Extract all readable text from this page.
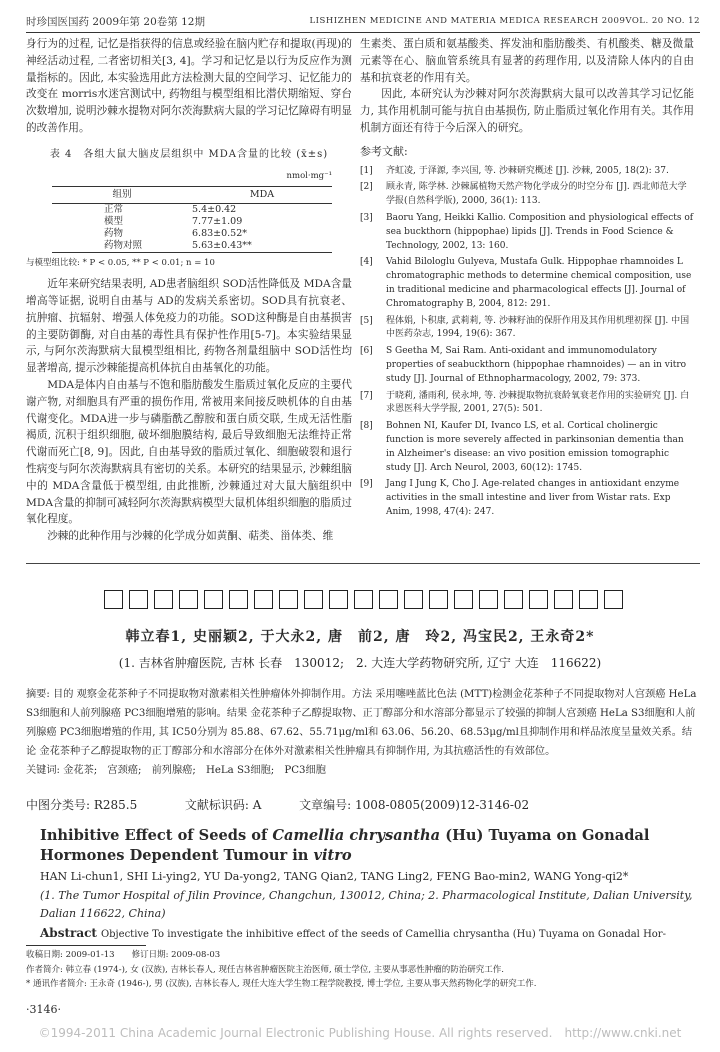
时珍国医国药 2009年第 20卷第 12期	LISHIZHEN MEDICINE AND MATERIA MEDICA RESEARCH 2009VOL. 20 NO. 12

身行为的过程, 记忆是指获得的信息或经验在脑内贮存和提取(再现)的神经活动过程, 二者密切相关[3, 4]。学习和记忆是以行为反应作为测量指标的。因此, 本实验选用此方法检测大鼠的空间学习、记忆能力的改变在 morris水迷宫测试中, 药物组与模型组相比潜伏期缩短、穿台次数增加, 说明沙棘水提物对阿尔茨海默病大鼠的学习记忆障碍有明显的改善作用。

表 4　各组大鼠大脑皮层组织中 MDA含量的比较 (x̄±s)
nmol·mg⁻¹
组别	MDA
正常	5.4±0.42
模型	7.77±1.09
药物	6.83±0.52*
药物对照	5.63±0.43**
与模型组比较: * P < 0.05, ** P < 0.01; n = 10

近年来研究结果表明, AD患者脑组织 SOD活性降低及 MDA含量增高等证据, 说明自由基与 AD的发病关系密切。SOD具有抗衰老、抗肿瘤、抗辐射、增强人体免疫力的功能。SOD这种酶是自由基损害的主要防御酶, 对自由基的毒性具有保护性作用[5-7]。本实验结果显示, 与阿尔茨海默病大鼠模型组相比, 药物各剂量组脑中 SOD活性均显著增高, 提示沙棘能提高机体抗自由基氧化的功能。

MDA是体内自由基与不饱和脂肪酸发生脂质过氧化反应的主要代谢产物, 对细胞具有严重的损伤作用, 常被用来间接反映机体的自由基代谢变化。MDA进一步与磷脂酰乙醇胺和蛋白质交联, 生成无活性脂褐质, 沉积于组织细胞, 破坏细胞膜结构, 最后导致细胞无法维持正常代谢而死亡[8, 9]。因此, 自由基导致的脂质过氧化、细胞破裂和退行性病变与阿尔茨海默病具有密切的关系。本研究的结果显示, 沙棘组脑中的 MDA含量低于模型组, 由此推断, 沙棘通过对大鼠大脑组织中 MDA含量的抑制可减轻阿尔茨海默病模型大鼠机体组织细胞的脂质过氧化程度。

沙棘的此种作用与沙棘的化学成分如黄酮、萜类、甾体类、维

生素类、蛋白质和氨基酸类、挥发油和脂肪酸类、有机酸类、糖及微量元素等在心、脑血管系统具有显著的药理作用, 以及清除人体内的自由基和抗衰老的作用有关。

因此, 本研究认为沙棘对阿尔茨海默病大鼠可以改善其学习记忆能力, 其作用机制可能与抗自由基损伤, 防止脂质过氧化作用有关。其作用机制方面还有待于今后深入的研究。

参考文献:
[1]	齐虹凌, 于泽源, 李兴国, 等. 沙棘研究概述 [J]. 沙棘, 2005, 18(2): 37.
[2]	顾永青, 陈学林. 沙棘属植物天然产物化学成分的时空分布 [J]. 西北师范大学学报(自然科学版), 2000, 36(1): 113.
[3]	Baoru Yang, Heikki Kallio. Composition and physiological effects of sea buckthorn (hippophae) lipids [J]. Trends in Food Science & Technology, 2002, 13: 160.
[4]	Vahid Bilologlu Gulyeva, Mustafa Gulk. Hippophae rhamnoides L chromatographic methods to determine chemical composition, use in traditional medicine and pharmacological effects [J]. Journal of Chromatography B, 2004, 812: 291.
[5]	程体娟, 卜积康, 武莉莉, 等. 沙棘籽油的保肝作用及其作用机理初探 [J]. 中国中医药杂志, 1994, 19(6): 367.
[6]	S Geetha M, Sai Ram. Anti-oxidant and immunomodulatory properties of seabuckthorn (hippophae rhamnoides) — an in vitro study [J]. Journal of Ethnopharmacology, 2002, 79: 373.
[7]	于晓莉, 潘雨利, 侯永坤, 等. 沙棘提取物抗衰龄氧衰老作用的实验研究 [J]. 白求恩医科大学学报, 2001, 27(5): 501.
[8]	Bohnen NI, Kaufer DI, Ivanco LS, et al. Cortical cholinergic function is more severely affected in parkinsonian dementia than in Alzheimer's disease: an vivo position emission tomographic study [J]. Arch Neurol, 2003, 60(12): 1745.
[9]	Jang I Jung K, Cho J. Age-related changes in antioxidant enzyme activities in the small intestine and liver from Wistar rats. Exp Anim, 1998, 47(4): 247.
韩立春1, 史丽颖2, 于大永2, 唐　前2, 唐　玲2, 冯宝民2, 王永奇2*
(1. 吉林省肿瘤医院, 吉林 长春　130012;　2. 大连大学药物研究所, 辽宁 大连　116622)

摘要: 目的 观察金花茶种子不同提取物对激素相关性肿瘤体外抑制作用。方法 采用噻唑蓝比色法 (MTT)检测金花茶种子不同提取物对人宫颈癌 HeLa S3细胞和人前列腺癌 PC3细胞增殖的影响。结果 金花茶种子乙醇提取物、正丁醇部分和水溶部分都显示了较强的抑制人宫颈癌 HeLa S3细胞和人前列腺癌 PC3细胞增殖的作用, 其 IC50分别为 85.88、67.62、55.71μg/ml和 63.06、56.20、68.53μg/ml且抑制作用和样品浓度呈量效关系。结论 金花茶种子乙醇提取物的正丁醇部分和水溶部分在体外对激素相关性肿瘤具有抑制作用, 为其抗癌活性的有效部位。

关键词: 金花茶;　宫颈癌;　前列腺癌;　HeLa S3细胞;　PC3细胞

中图分类号: R285.5	文献标识码: A	文章编号: 1008-0805(2009)12-3146-02
Inhibitive Effect of Seeds of Camellia chrysantha (Hu) Tuyama on Gonadal Hormones Dependent Tumour in vitro
HAN Li-chun1, SHI Li-ying2, YU Da-yong2, TANG Qian2, TANG Ling2, FENG Bao-min2, WANG Yong-qi2*
(1. The Tumor Hospital of Jilin Province, Changchun, 130012, China; 2. Pharmacological Institute, Dalian University, Dalian 116622, China)
Abstract Objective To investigate the inhibitive effect of the seeds of Camellia chrysantha (Hu) Tuyama on Gonadal Hor-
收稿日期: 2009-01-13　　修订日期: 2009-08-03
作者简介: 韩立春 (1974-), 女 (汉族), 吉林长春人, 现任吉林省肿瘤医院主治医师, 硕士学位, 主要从事恶性肿瘤的防治研究工作.
* 通讯作者简介: 王永奇 (1946-), 男 (汉族), 吉林长春人, 现任大连大学生物工程学院教授, 博士学位, 主要从事天然药物化学的研究工作.
·3146·
©1994-2011 China Academic Journal Electronic Publishing House. All rights reserved.　http://www.cnki.net
